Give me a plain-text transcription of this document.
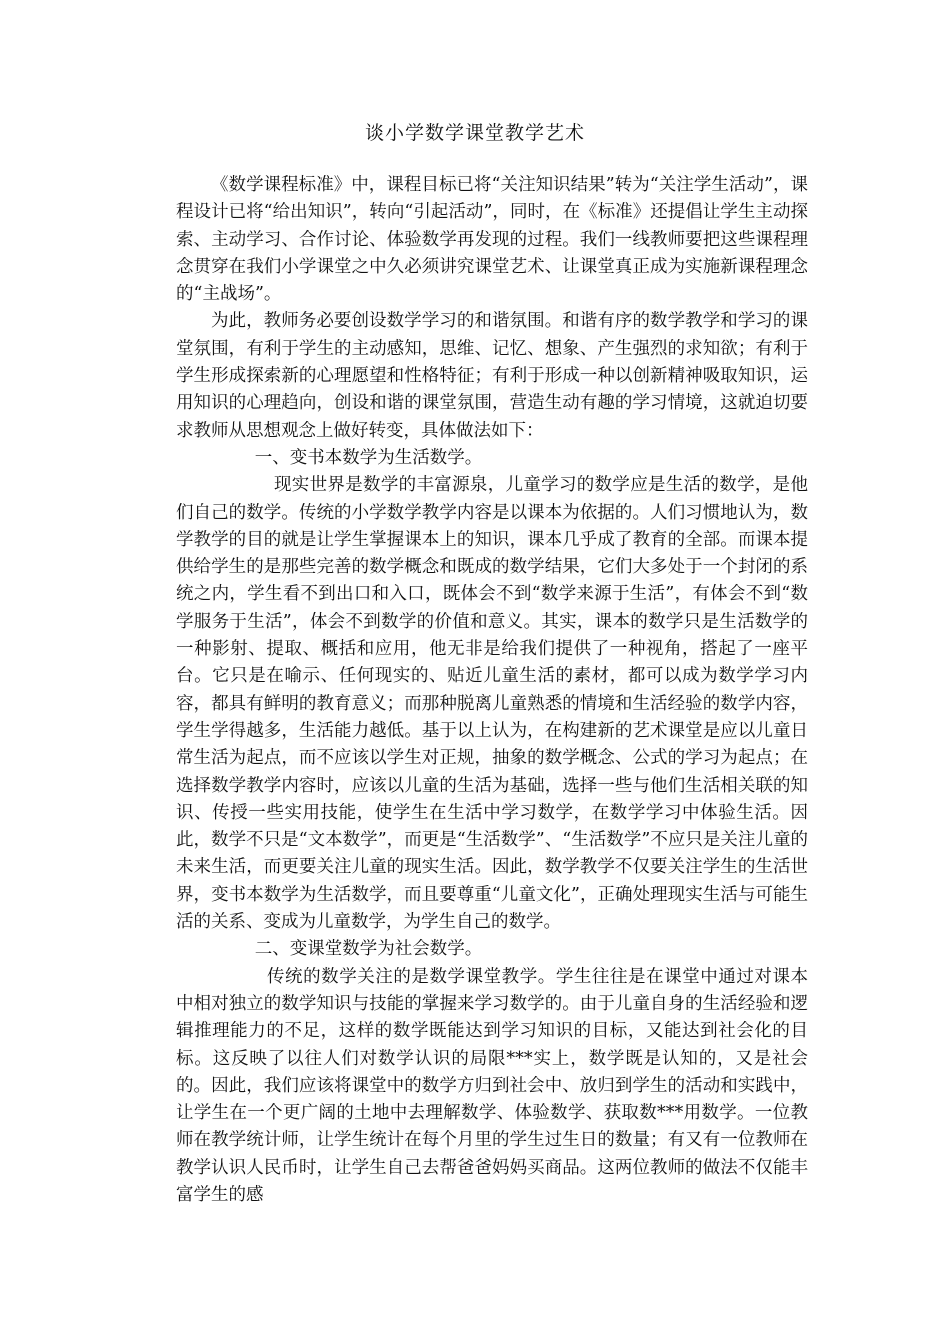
谈小学数学课堂教学艺术

《数学课程标准》中，课程目标已将“关注知识结果”转为“关注学生活动”，课程设计已将“给出知识”，转向“引起活动”，同时，在《标准》还提倡让学生主动探索、主动学习、合作讨论、体验数学再发现的过程。我们一线教师要把这些课程理念贯穿在我们小学课堂之中久必须讲究课堂艺术、让课堂真正成为实施新课程理念的“主战场”。

为此，教师务必要创设数学学习的和谐氛围。和谐有序的数学教学和学习的课堂氛围，有利于学生的主动感知，思维、记忆、想象、产生强烈的求知欲；有利于学生形成探索新的心理愿望和性格特征；有利于形成一种以创新精神吸取知识，运用知识的心理趋向，创设和谐的课堂氛围，营造生动有趣的学习情境，这就迫切要求教师从思想观念上做好转变，具体做法如下：

一、变书本数学为生活数学。

现实世界是数学的丰富源泉，儿童学习的数学应是生活的数学，是他们自己的数学。传统的小学数学教学内容是以课本为依据的。人们习惯地认为，数学教学的目的就是让学生掌握课本上的知识，课本几乎成了教育的全部。而课本提供给学生的是那些完善的数学概念和既成的数学结果，它们大多处于一个封闭的系统之内，学生看不到出口和入口，既体会不到“数学来源于生活”，有体会不到“数学服务于生活”，体会不到数学的价值和意义。其实，课本的数学只是生活数学的一种影射、提取、概括和应用，他无非是给我们提供了一种视角，搭起了一座平台。它只是在喻示、任何现实的、贴近儿童生活的素材，都可以成为数学学习内容，都具有鲜明的教育意义；而那种脱离儿童熟悉的情境和生活经验的数学内容，学生学得越多，生活能力越低。基于以上认为，在构建新的艺术课堂是应以儿童日常生活为起点，而不应该以学生对正规，抽象的数学概念、公式的学习为起点；在选择数学教学内容时，应该以儿童的生活为基础，选择一些与他们生活相关联的知识、传授一些实用技能，使学生在生活中学习数学，在数学学习中体验生活。因此，数学不只是“文本数学”，而更是“生活数学”、“生活数学”不应只是关注儿童的未来生活，而更要关注儿童的现实生活。因此，数学教学不仅要关注学生的生活世界，变书本数学为生活数学，而且要尊重“儿童文化”，正确处理现实生活与可能生活的关系、变成为儿童数学，为学生自己的数学。

二、变课堂数学为社会数学。

传统的数学关注的是数学课堂教学。学生往往是在课堂中通过对课本中相对独立的数学知识与技能的掌握来学习数学的。由于儿童自身的生活经验和逻辑推理能力的不足，这样的数学既能达到学习知识的目标，又能达到社会化的目标。这反映了以往人们对数学认识的局限***实上，数学既是认知的，又是社会的。因此，我们应该将课堂中的数学方归到社会中、放归到学生的活动和实践中，让学生在一个更广阔的土地中去理解数学、体验数学、获取数***用数学。一位教师在教学统计师，让学生统计在每个月里的学生过生日的数量；有又有一位教师在教学认识人民币时，让学生自己去帮爸爸妈妈买商品。这两位教师的做法不仅能丰富学生的感
